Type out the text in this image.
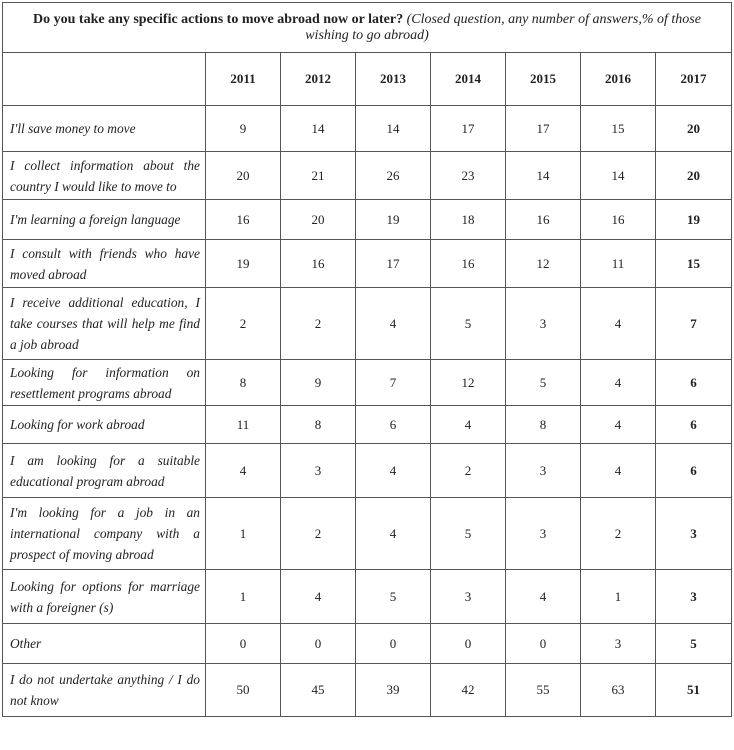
Do you take any specific actions to move abroad now or later? (Closed question, any number of answers,% of those wishing to go abroad)							
	2011	2012	2013	2014	2015	2016	2017
I'll save money to move	9	14	14	17	17	15	20
I collect information about the country I would like to move to	20	21	26	23	14	14	20
I'm learning a foreign language	16	20	19	18	16	16	19
I consult with friends who have moved abroad	19	16	17	16	12	11	15
I receive additional education, I take courses that will help me find a job abroad	2	2	4	5	3	4	7
Looking for information on resettlement programs abroad	8	9	7	12	5	4	6
Looking for work abroad	11	8	6	4	8	4	6
I am looking for a suitable educational program abroad	4	3	4	2	3	4	6
I'm looking for a job in an international company with a prospect of moving abroad	1	2	4	5	3	2	3
Looking for options for marriage with a foreigner (s)	1	4	5	3	4	1	3
Other	0	0	0	0	0	3	5
I do not undertake anything / I do not know	50	45	39	42	55	63	51
